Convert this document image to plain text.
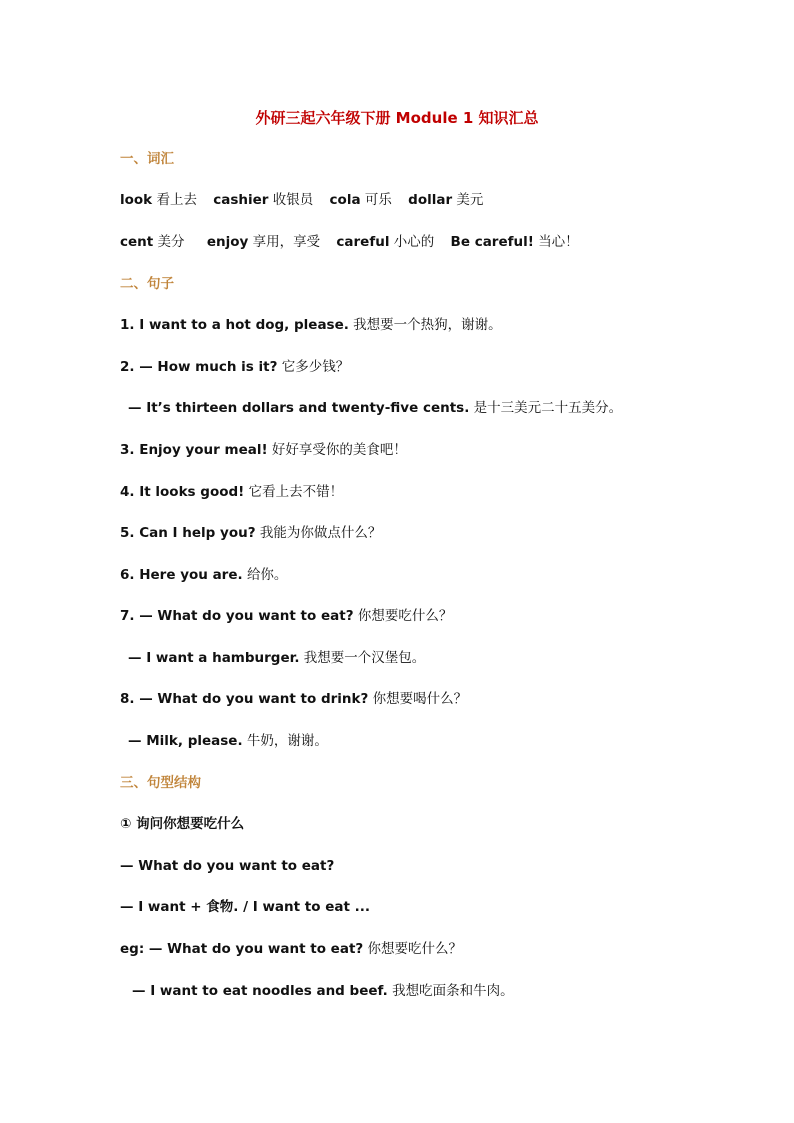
外研三起六年级下册 Module 1 知识汇总
一、词汇
look 看上去 cashier 收银员 cola 可乐 dollar 美元
cent 美分 enjoy 享用，享受 careful 小心的 Be careful! 当心！
二、句子
1. I want to a hot dog, please. 我想要一个热狗，谢谢。
2. — How much is it? 它多少钱？
— It’s thirteen dollars and twenty-five cents. 是十三美元二十五美分。
3. Enjoy your meal! 好好享受你的美食吧！
4. It looks good! 它看上去不错！
5. Can I help you? 我能为你做点什么？
6. Here you are. 给你。
7. — What do you want to eat? 你想要吃什么？
— I want a hamburger. 我想要一个汉堡包。
8. — What do you want to drink? 你想要喝什么？
— Milk, please. 牛奶，谢谢。
三、句型结构
① 询问你想要吃什么
— What do you want to eat?
— I want + 食物. / I want to eat ...
eg: — What do you want to eat? 你想要吃什么？
— I want to eat noodles and beef. 我想吃面条和牛肉。
